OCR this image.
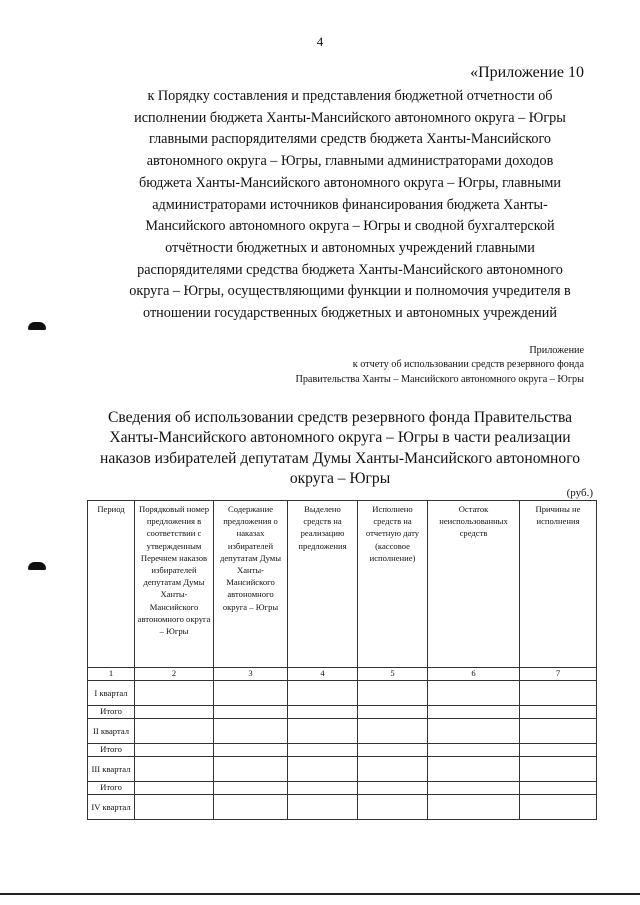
4
«Приложение 10
к Порядку составления и представления бюджетной отчетности об
исполнении бюджета Ханты-Мансийского автономного округа – Югры
главными распорядителями средств бюджета Ханты-Мансийского
автономного округа – Югры, главными администраторами доходов
бюджета Ханты-Мансийского автономного округа – Югры, главными
администраторами источников финансирования бюджета Ханты-
Мансийского автономного округа – Югры и сводной бухгалтерской
отчётности бюджетных и автономных учреждений главными
распорядителями средства бюджета Ханты-Мансийского автономного
округа – Югры, осуществляющими функции и полномочия учредителя в
отношении государственных бюджетных и автономных учреждений
Приложение
к отчету об использовании средств резервного фонда
Правительства Ханты – Мансийского автономного округа – Югры
Сведения об использовании средств резервного фонда Правительства
Ханты-Мансийского автономного округа – Югры в части реализации
наказов избирателей депутатам Думы Ханты-Мансийского автономного
округа – Югры
(руб.)
Период	Порядковый номер предложения в соответствии с утвержденным Перечнем наказов избирателей депутатам Думы Ханты-Мансийского автономного округа – Югры	Содержание предложения о наказах избирателей депутатам Думы Ханты-Мансийского автономного округа – Югры	Выделено средств на реализацию предложения	Исполнено средств на отчетную дату (кассовое исполнение)	Остаток неиспользованных средств	Причины не исполнения
1	2	3	4	5	6	7
I квартал						
Итого						
II квартал						
Итого						
III квартал						
Итого						
IV квартал						
